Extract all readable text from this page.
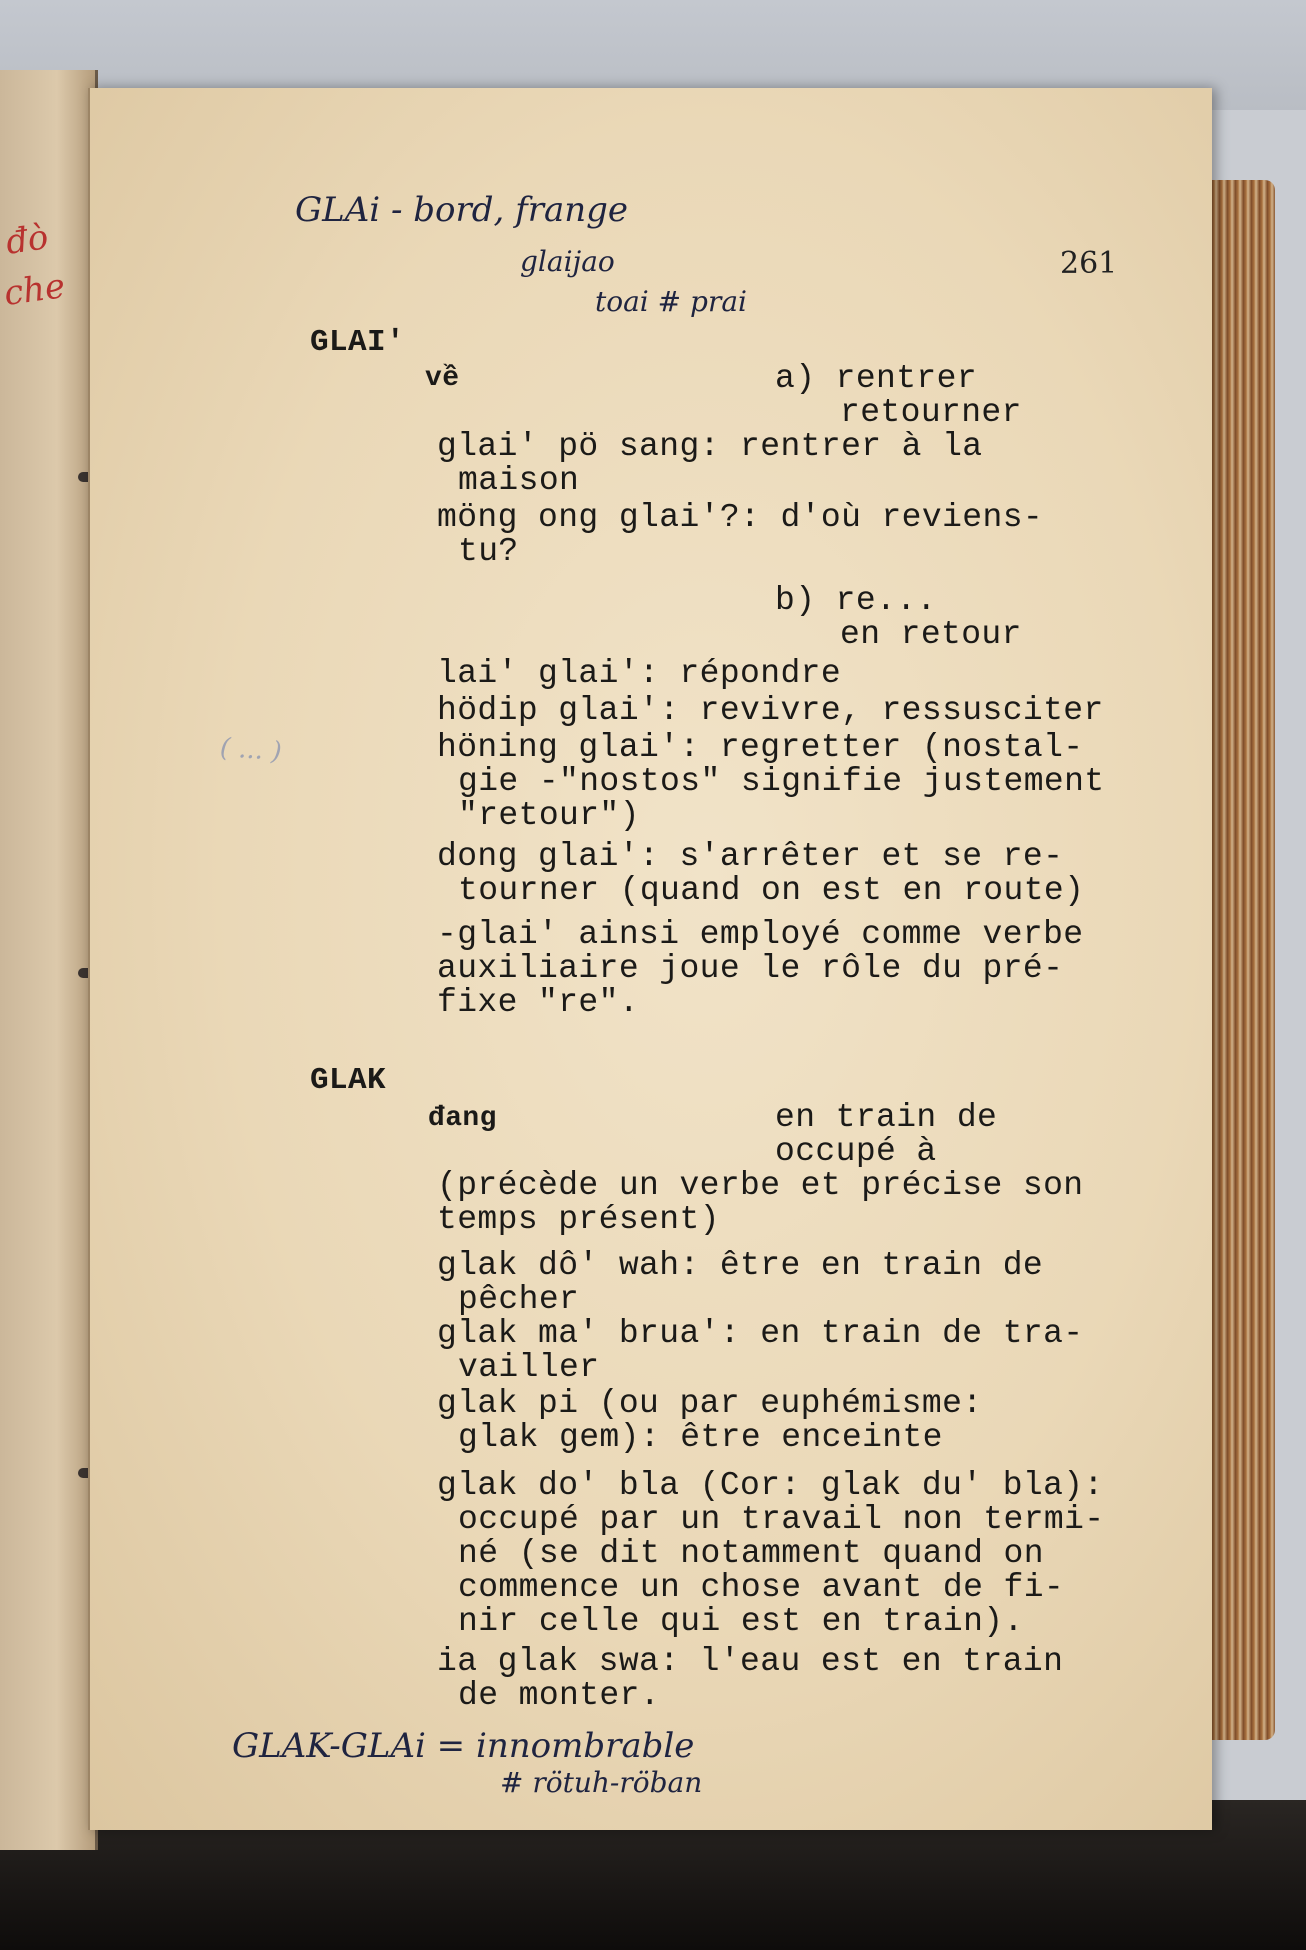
đò
che
GLAi - bord, frange
glaijao
toai # prai
261
( ... )
GLAI'
về	a) rentrer
retourner
glai' pö sang: rentrer à la
maison
möng ong glai'?: d'où reviens-
tu?
b) re...
en retour
lai' glai': répondre
hödip glai': revivre, ressusciter
höning glai': regretter (nostal-
gie -"nostos" signifie justement
"retour")
dong glai': s'arrêter et se re-
tourner (quand on est en route)
-glai' ainsi employé comme verbe
auxiliaire joue le rôle du pré-
fixe "re".
GLAK
đang	en train de
occupé à
(précède un verbe et précise son
temps présent)
glak dô' wah: être en train de
pêcher
glak ma' brua': en train de tra-
vailler
glak pi (ou par euphémisme:
glak gem): être enceinte
glak do' bla (Cor: glak du' bla):
occupé par un travail non termi-
né (se dit notamment quand on
commence un chose avant de fi-
nir celle qui est en train).
ia glak swa: l'eau est en train
de monter.
GLAK-GLAi = innombrable
# rötuh-röban
